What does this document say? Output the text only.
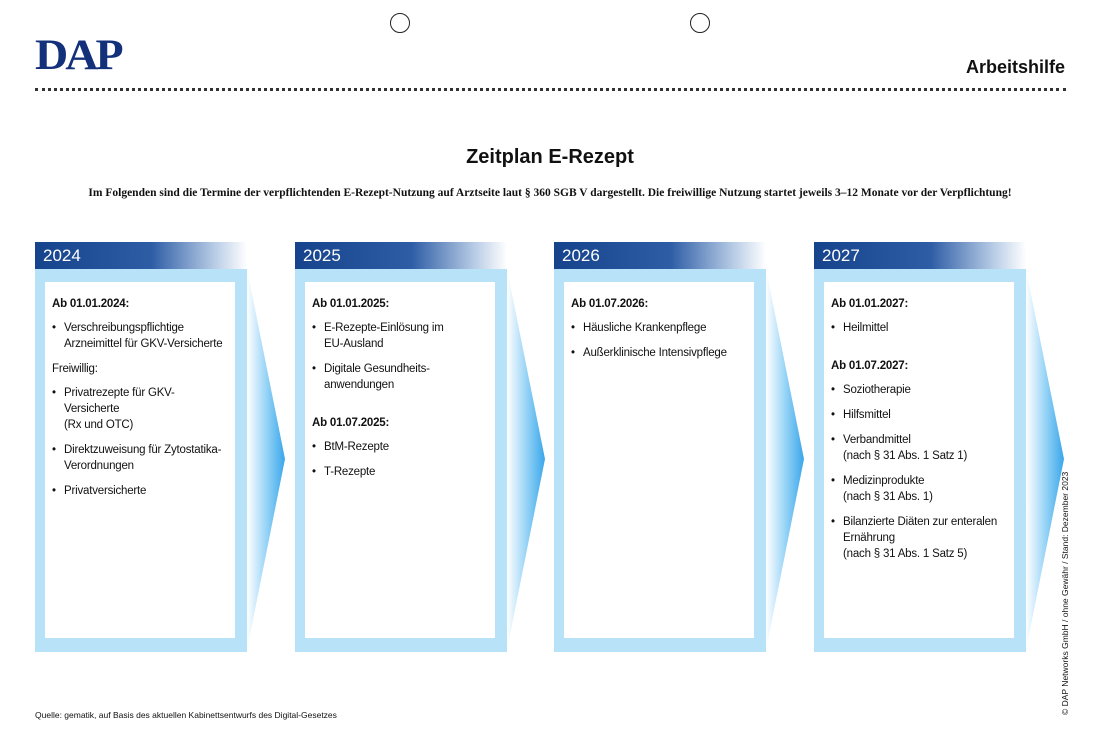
DAP	Arbeitshilfe
Zeitplan E-Rezept
Im Folgenden sind die Termine der verpflichtenden E-Rezept-Nutzung auf Arztseite laut § 360 SGB V dargestellt. Die freiwillige Nutzung startet jeweils 3–12 Monate vor der Verpflichtung!
2024
Ab 01.01.2024:
• Verschreibungspflichtige
Arzneimittel für GKV-Versicherte
Freiwillig:
• Privatrezepte für GKV-Versicherte
(Rx und OTC)
• Direktzuweisung für Zytostatika-
Verordnungen
• Privatversicherte
2025
Ab 01.01.2025:
• E-Rezepte-Einlösung im
EU-Ausland
• Digitale Gesundheits-
anwendungen
Ab 01.07.2025:
• BtM-Rezepte
• T-Rezepte
2026
Ab 01.07.2026:
• Häusliche Krankenpflege
• Außerklinische Intensivpflege
2027
Ab 01.01.2027:
• Heilmittel
Ab 01.07.2027:
• Soziotherapie
• Hilfsmittel
• Verbandmittel
(nach § 31 Abs. 1 Satz 1)
• Medizinprodukte
(nach § 31 Abs. 1)
• Bilanzierte Diäten zur enteralen
Ernährung
(nach § 31 Abs. 1 Satz 5)
Quelle: gematik, auf Basis des aktuellen Kabinettsentwurfs des Digital-Gesetzes	© DAP Networks GmbH / ohne Gewähr / Stand: Dezember 2023
